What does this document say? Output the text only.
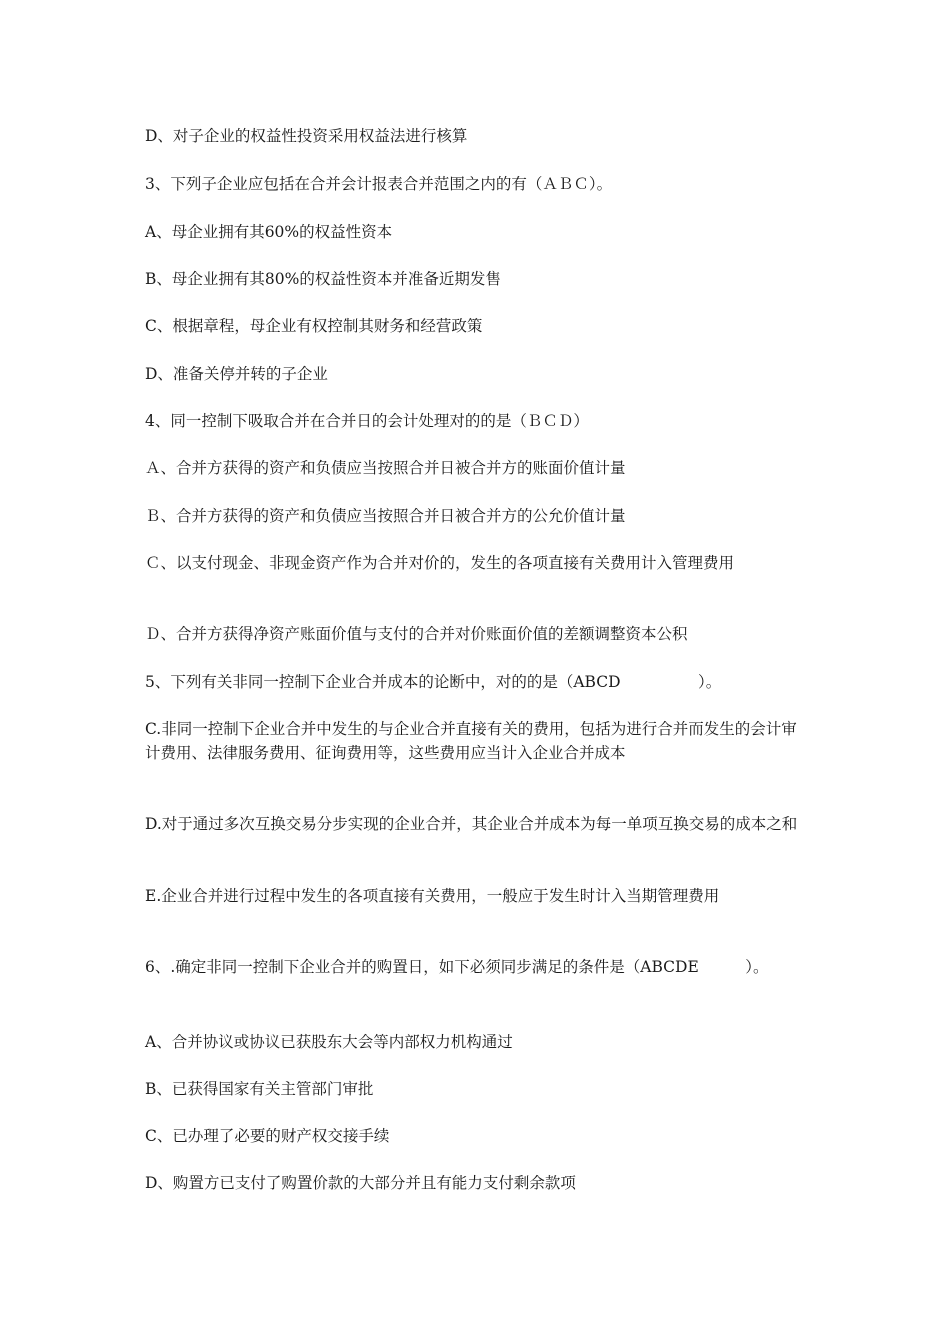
D、对子企业的权益性投资采用权益法进行核算
3、下列子企业应包括在合并会计报表合并范围之内的有（ＡＢＣ）。
A、母企业拥有其60%的权益性资本
B、母企业拥有其80%的权益性资本并准备近期发售
C、根据章程，母企业有权控制其财务和经营政策
D、准备关停并转的子企业
4、同一控制下吸取合并在合并日的会计处理对的的是（ＢＣＤ）
Ａ、合并方获得的资产和负债应当按照合并日被合并方的账面价值计量
Ｂ、合并方获得的资产和负债应当按照合并日被合并方的公允价值计量
Ｃ、以支付现金、非现金资产作为合并对价的，发生的各项直接有关费用计入管理费用
Ｄ、合并方获得净资产账面价值与支付的合并对价账面价值的差额调整资本公积
5、下列有关非同一控制下企业合并成本的论断中，对的的是（ABCD　　　　　）。
C.非同一控制下企业合并中发生的与企业合并直接有关的费用，包括为进行合并而发生的会计审计费用、法律服务费用、征询费用等，这些费用应当计入企业合并成本
D.对于通过多次互换交易分步实现的企业合并，其企业合并成本为每一单项互换交易的成本之和
E.企业合并进行过程中发生的各项直接有关费用，一般应于发生时计入当期管理费用
6、.确定非同一控制下企业合并的购置日，如下必须同步满足的条件是（ABCDE　　　）。
A、合并协议或协议已获股东大会等内部权力机构通过
B、已获得国家有关主管部门审批
C、已办理了必要的财产权交接手续
D、购置方已支付了购置价款的大部分并且有能力支付剩余款项
